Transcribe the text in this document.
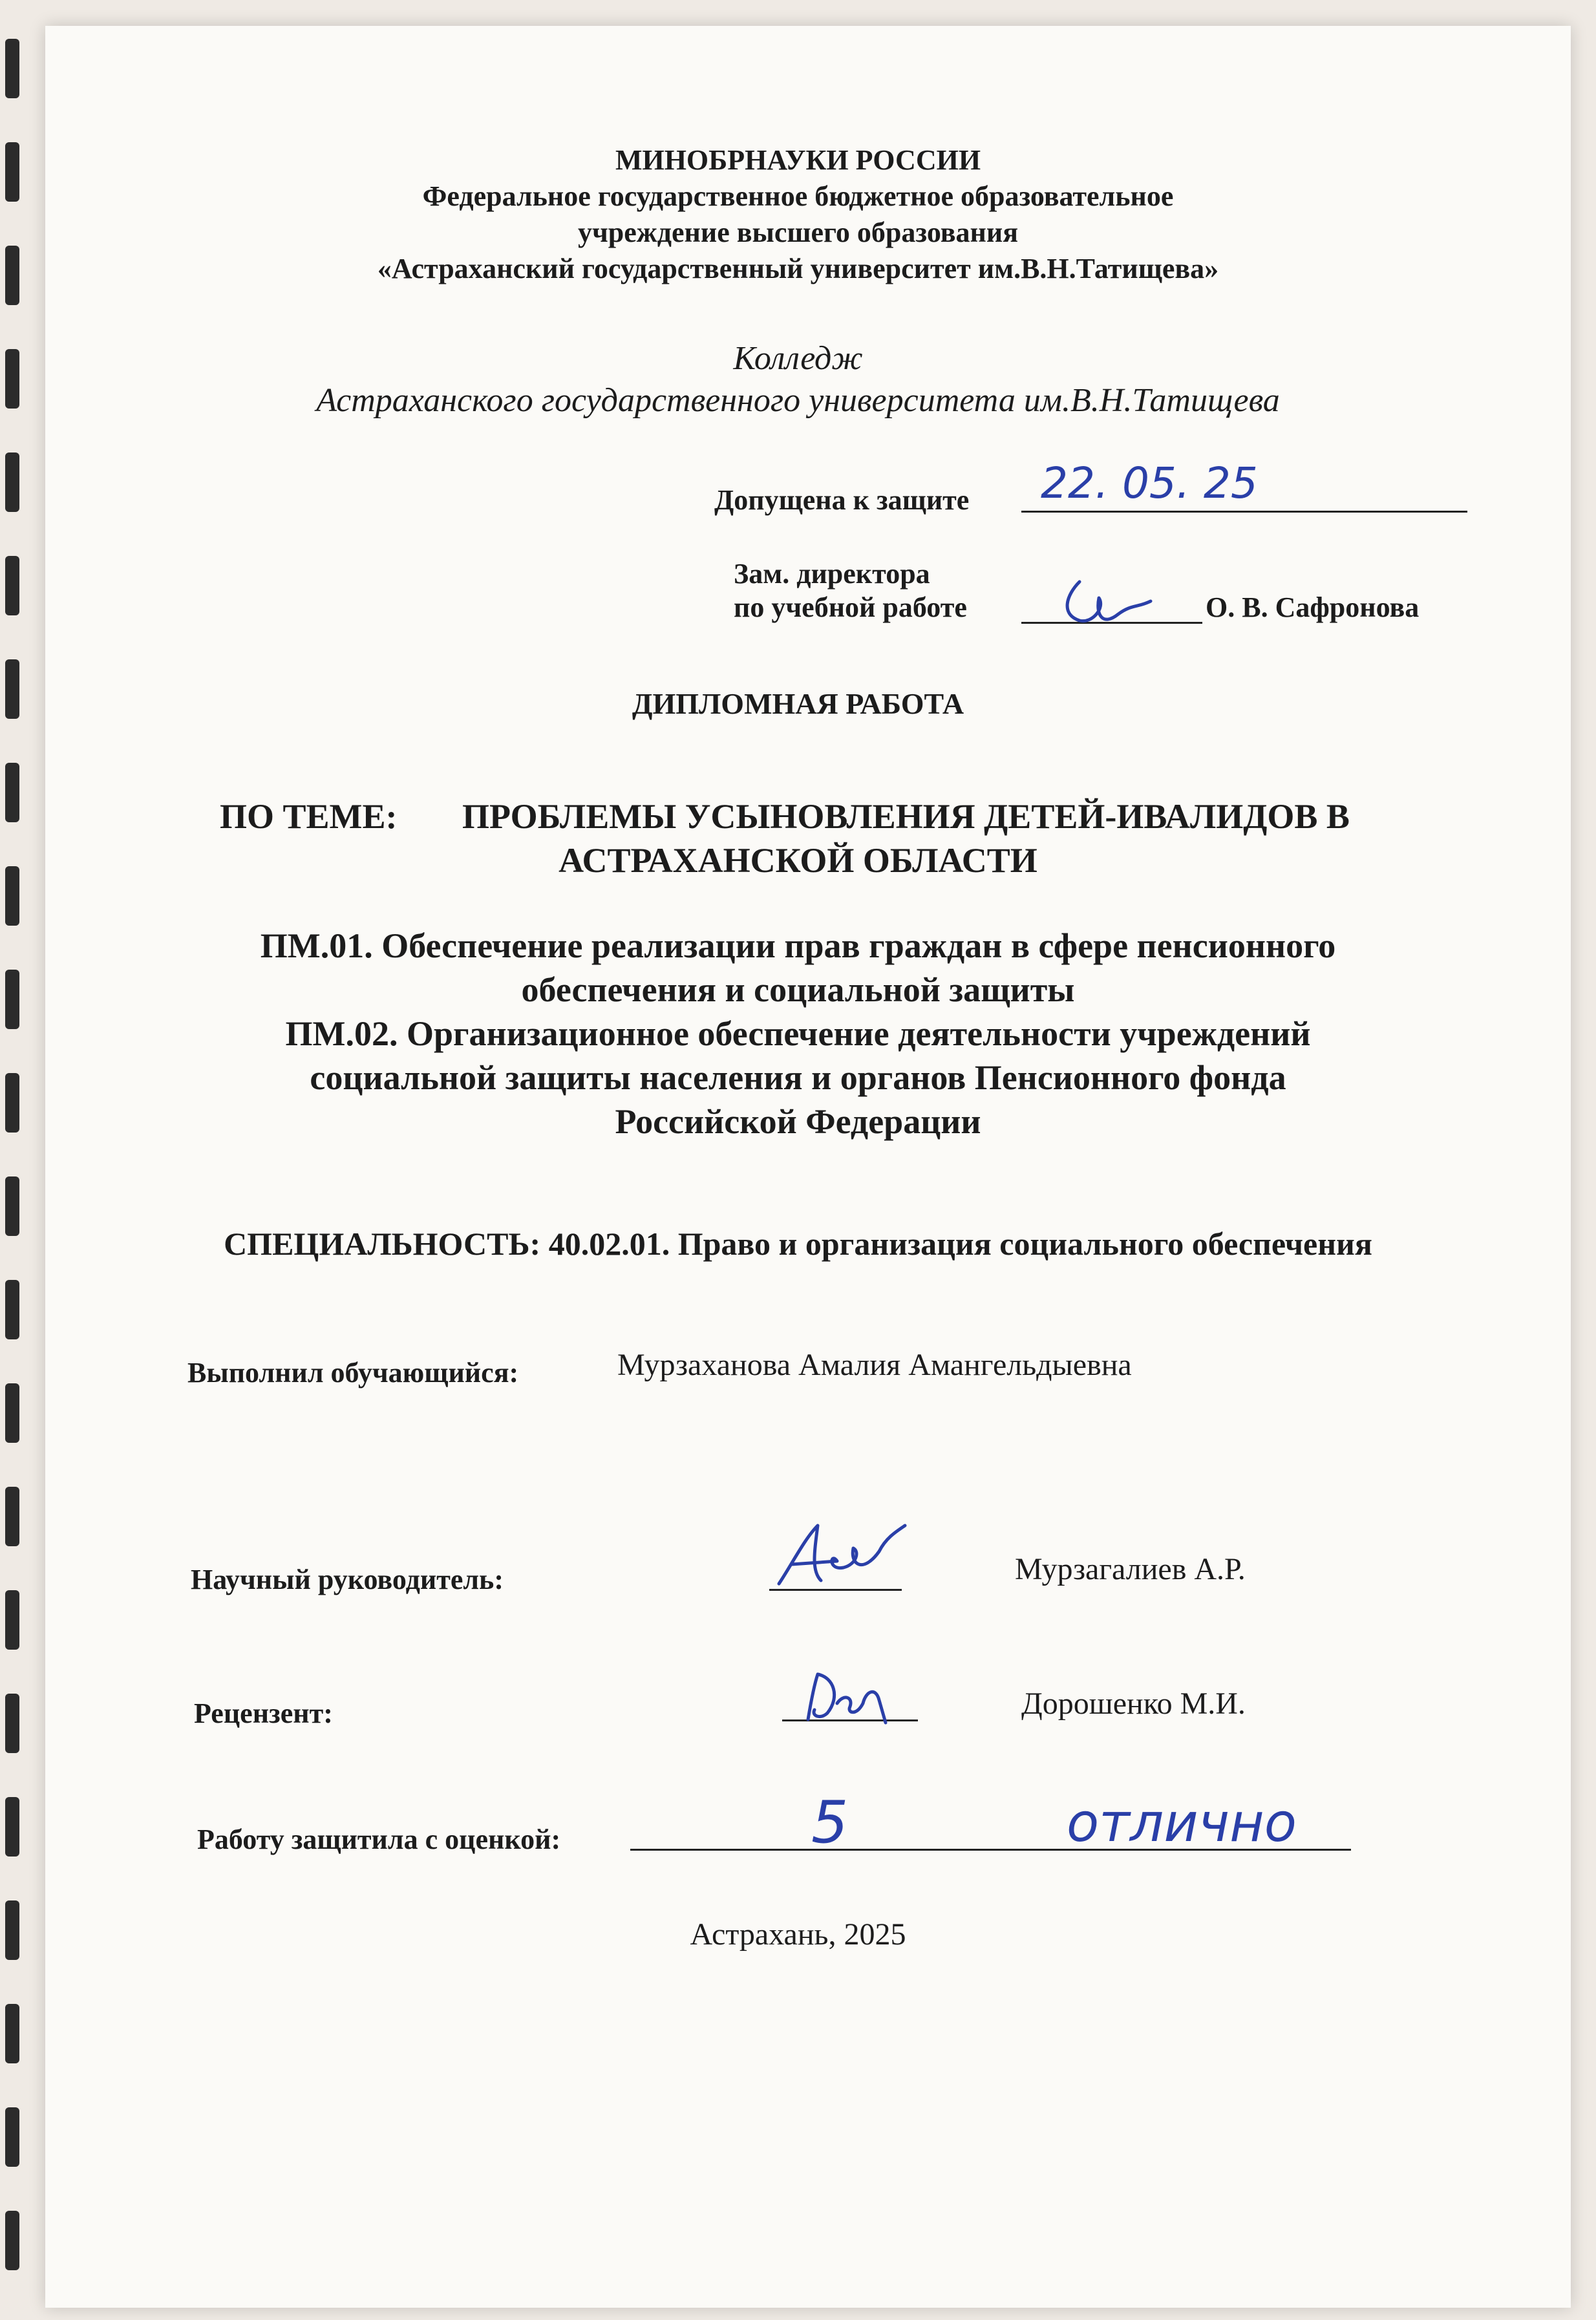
МИНОБРНАУКИ РОССИИ
Федеральное государственное бюджетное образовательное
учреждение высшего образования
«Астраханский государственный университет им.В.Н.Татищева»
Колледж
Астраханского государственного университета им.В.Н.Татищева
Допущена к защите 22. 05. 25
Зам. директора
по учебной работе	О. В. Сафронова
ДИПЛОМНАЯ РАБОТА
ПО ТЕМЕ: ПРОБЛЕМЫ УСЫНОВЛЕНИЯ ДЕТЕЙ-ИВАЛИДОВ В
АСТРАХАНСКОЙ ОБЛАСТИ
ПМ.01. Обеспечение реализации прав граждан в сфере пенсионного
обеспечения и социальной защиты
ПМ.02. Организационное обеспечение деятельности учреждений
социальной защиты населения и органов Пенсионного фонда
Российской Федерации
СПЕЦИАЛЬНОСТЬ: 40.02.01. Право и организация социального обеспечения
Выполнил обучающийся:	Мурзаханова Амалия Амангельдыевна
Научный руководитель:	Мурзагалиев А.Р.
Рецензент:	Дорошенко М.И.
Работу защитила с оценкой:	5	отлично
Астрахань, 2025
